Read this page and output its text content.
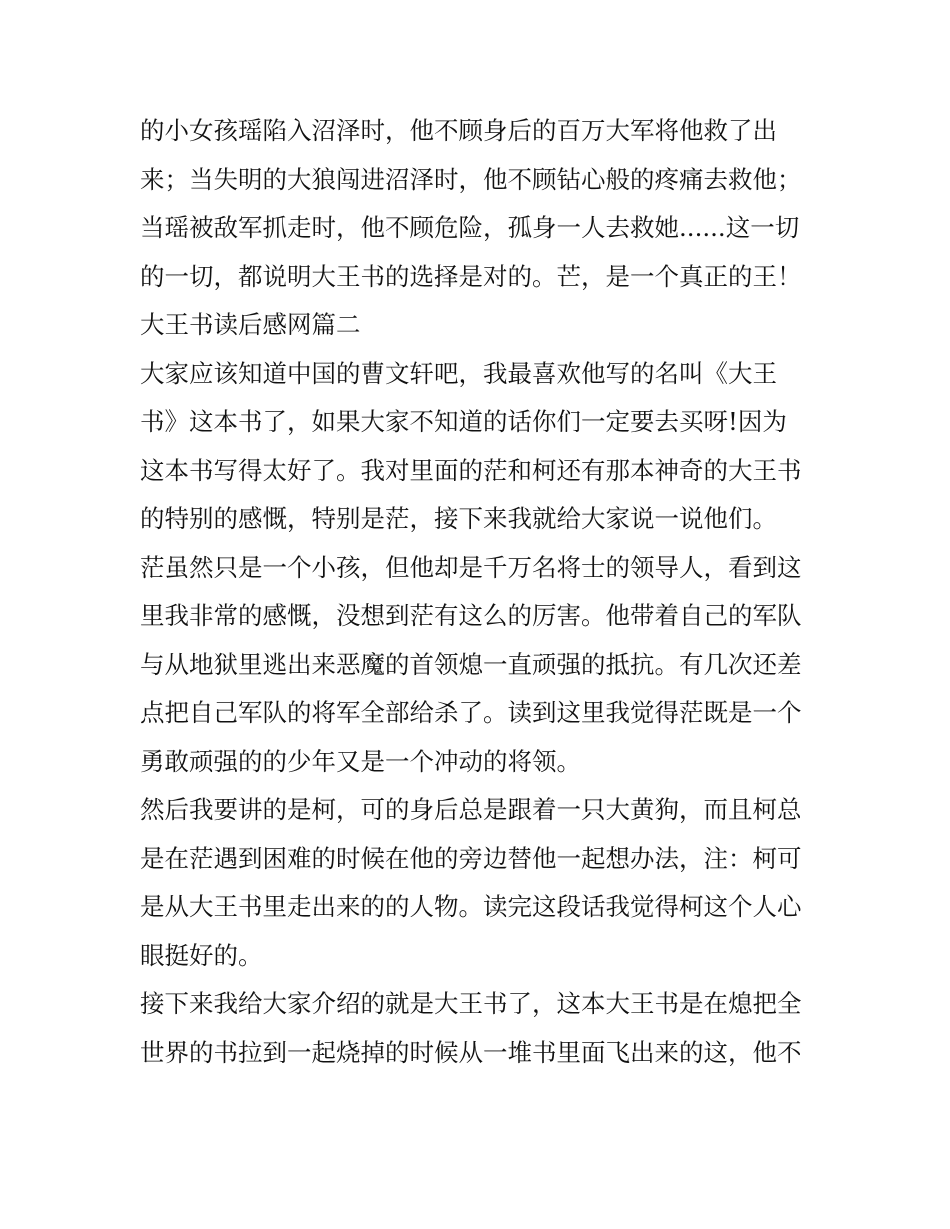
的小女孩瑶陷入沼泽时，他不顾身后的百万大军将他救了出
来；当失明的大狼闯进沼泽时，他不顾钻心般的疼痛去救他；
当瑶被敌军抓走时，他不顾危险，孤身一人去救她......这一切
的一切，都说明大王书的选择是对的。芒，是一个真正的王！
大王书读后感网篇二
大家应该知道中国的曹文轩吧，我最喜欢他写的名叫《大王
书》这本书了，如果大家不知道的话你们一定要去买呀!因为
这本书写得太好了。我对里面的茫和柯还有那本神奇的大王书
的特别的感慨，特别是茫，接下来我就给大家说一说他们。
茫虽然只是一个小孩，但他却是千万名将士的领导人，看到这
里我非常的感慨，没想到茫有这么的厉害。他带着自己的军队
与从地狱里逃出来恶魔的首领熄一直顽强的抵抗。有几次还差
点把自己军队的将军全部给杀了。读到这里我觉得茫既是一个
勇敢顽强的的少年又是一个冲动的将领。
然后我要讲的是柯，可的身后总是跟着一只大黄狗，而且柯总
是在茫遇到困难的时候在他的旁边替他一起想办法，注：柯可
是从大王书里走出来的的人物。读完这段话我觉得柯这个人心
眼挺好的。
接下来我给大家介绍的就是大王书了，这本大王书是在熄把全
世界的书拉到一起烧掉的时候从一堆书里面飞出来的这，他不
